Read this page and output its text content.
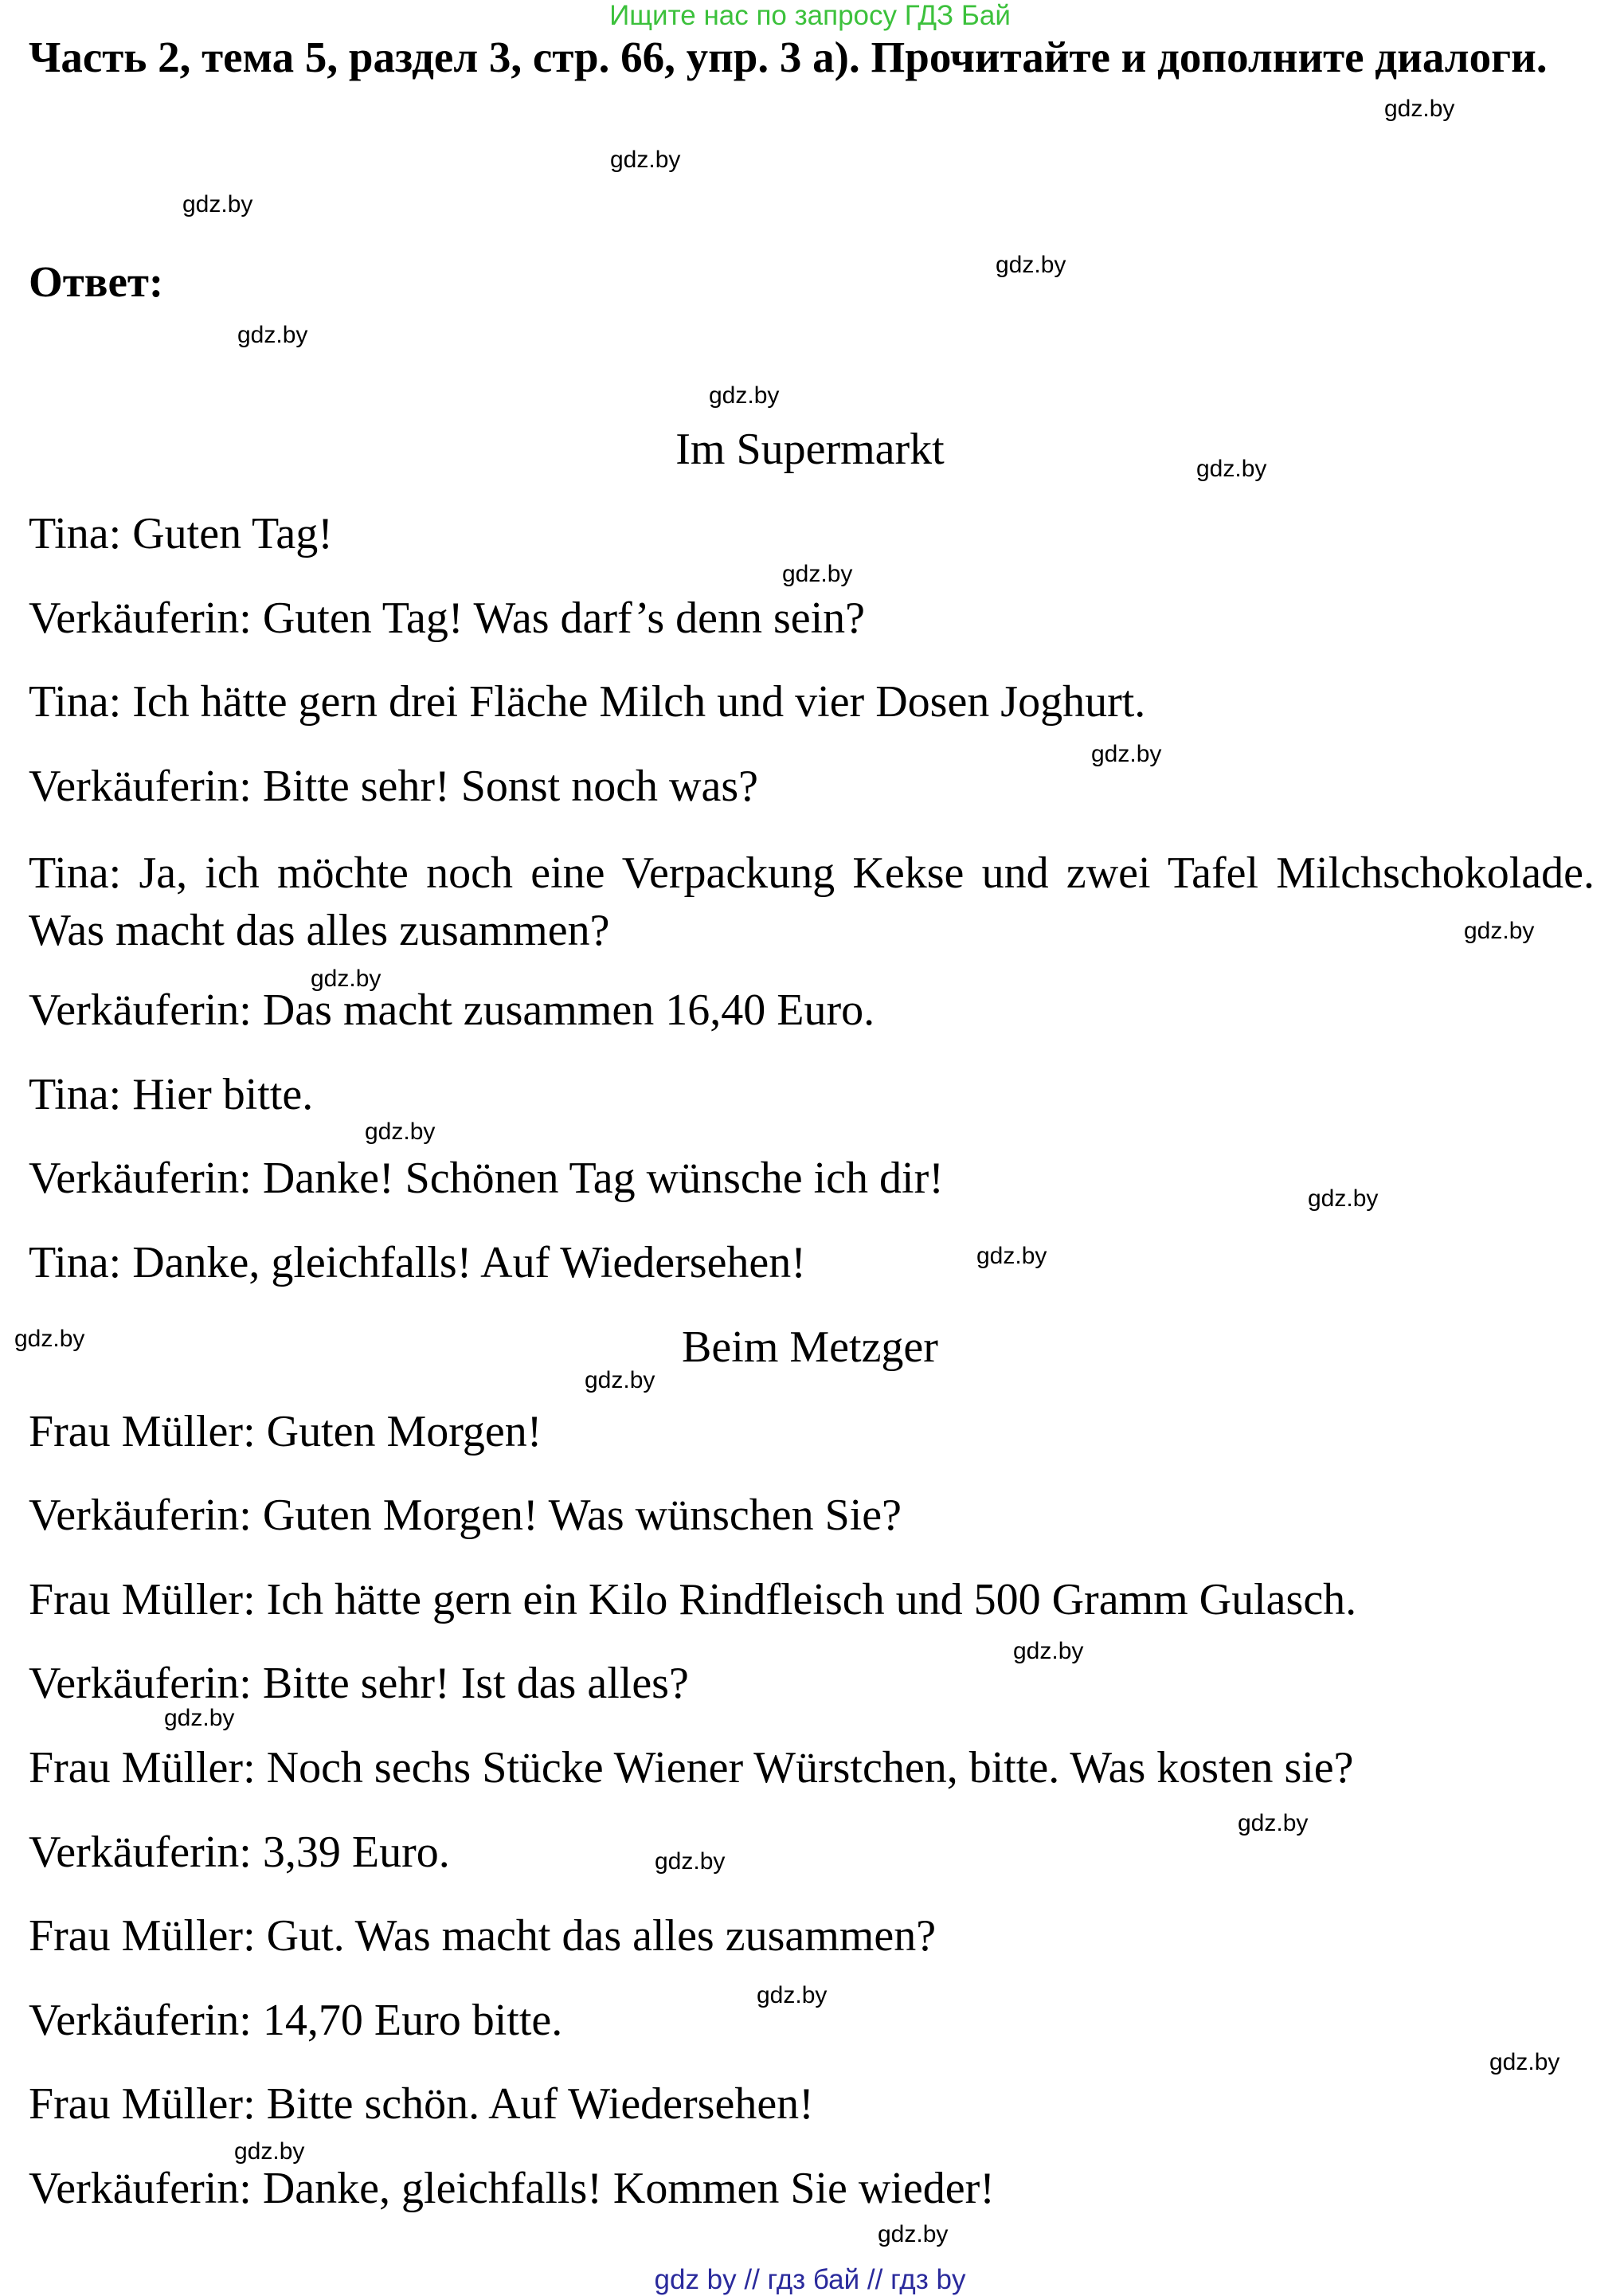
Ищите нас по запросу ГДЗ Бай
Часть 2, тема 5, раздел 3, стр. 66, упр. 3 а). Прочитайте и дополните диалоги.
Ответ:
Im Supermarkt
Tina: Guten Tag!
Verkäuferin: Guten Tag! Was darf’s denn sein?
Tina: Ich hätte gern drei Fläche Milch und vier Dosen Joghurt.
Verkäuferin: Bitte sehr! Sonst noch was?
Tina: Ja, ich möchte noch eine Verpackung Kekse und zwei Tafel Milchschokolade. Was macht das alles zusammen?
Verkäuferin: Das macht zusammen 16,40 Euro.
Tina: Hier bitte.
Verkäuferin: Danke! Schönen Tag wünsche ich dir!
Tina: Danke, gleichfalls! Auf Wiedersehen!
Beim Metzger
Frau Müller: Guten Morgen!
Verkäuferin: Guten Morgen! Was wünschen Sie?
Frau Müller: Ich hätte gern ein Kilo Rindfleisch und 500 Gramm Gulasch.
Verkäuferin: Bitte sehr! Ist das alles?
Frau Müller: Noch sechs Stücke Wiener Würstchen, bitte. Was kosten sie?
Verkäuferin: 3,39 Euro.
Frau Müller: Gut. Was macht das alles zusammen?
Verkäuferin: 14,70 Euro bitte.
Frau Müller: Bitte schön. Auf Wiedersehen!
Verkäuferin: Danke, gleichfalls! Kommen Sie wieder!
gdz.by
gdz.by
gdz.by
gdz.by
gdz.by
gdz.by
gdz.by
gdz.by
gdz.by
gdz.by
gdz.by
gdz.by
gdz.by
gdz.by
gdz.by
gdz.by
gdz.by
gdz.by
gdz.by
gdz.by
gdz.by
gdz.by
gdz.by
gdz.by
gdz by // гдз бай // гдз by
